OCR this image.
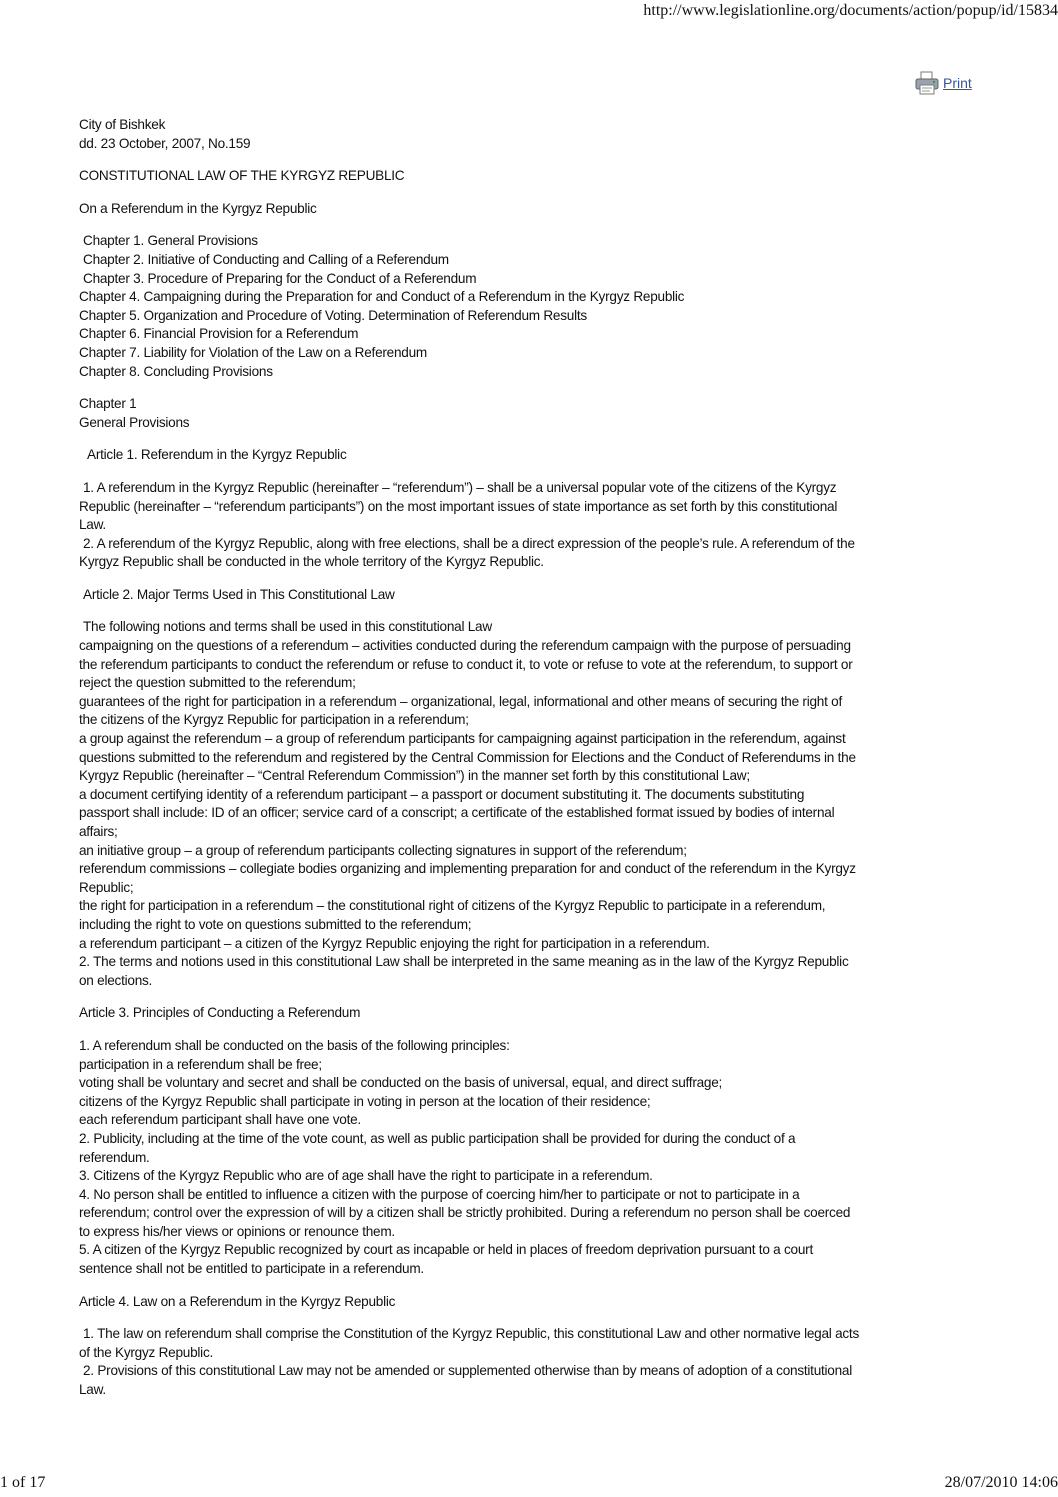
http://www.legislationline.org/documents/action/popup/id/15834
Print
City of Bishkek
dd. 23 October, 2007, No.159
CONSTITUTIONAL LAW OF THE KYRGYZ REPUBLIC
On a Referendum in the Kyrgyz Republic
Chapter 1. General Provisions
Chapter 2. Initiative of Conducting and Calling of a Referendum
Chapter 3. Procedure of Preparing for the Conduct of a Referendum
Chapter 4. Campaigning during the Preparation for and Conduct of a Referendum in the Kyrgyz Republic
Chapter 5. Organization and Procedure of Voting. Determination of Referendum Results
Chapter 6. Financial Provision for a Referendum
Chapter 7. Liability for Violation of the Law on a Referendum
Chapter 8. Concluding Provisions
Chapter 1
General Provisions
Article 1. Referendum in the Kyrgyz Republic
1. A referendum in the Kyrgyz Republic (hereinafter – “referendum”) – shall be a universal popular vote of the citizens of the Kyrgyz
Republic (hereinafter – “referendum participants”) on the most important issues of state importance as set forth by this constitutional
Law.
2. A referendum of the Kyrgyz Republic, along with free elections, shall be a direct expression of the people’s rule. A referendum of the
Kyrgyz Republic shall be conducted in the whole territory of the Kyrgyz Republic.
Article 2. Major Terms Used in This Constitutional Law
The following notions and terms shall be used in this constitutional Law
campaigning on the questions of a referendum – activities conducted during the referendum campaign with the purpose of persuading
the referendum participants to conduct the referendum or refuse to conduct it, to vote or refuse to vote at the referendum, to support or
reject the question submitted to the referendum;
guarantees of the right for participation in a referendum – organizational, legal, informational and other means of securing the right of
the citizens of the Kyrgyz Republic for participation in a referendum;
a group against the referendum – a group of referendum participants for campaigning against participation in the referendum, against
questions submitted to the referendum and registered by the Central Commission for Elections and the Conduct of Referendums in the
Kyrgyz Republic (hereinafter – “Central Referendum Commission”) in the manner set forth by this constitutional Law;
a document certifying identity of a referendum participant – a passport or document substituting it. The documents substituting
passport shall include: ID of an officer; service card of a conscript; a certificate of the established format issued by bodies of internal
affairs;
an initiative group – a group of referendum participants collecting signatures in support of the referendum;
referendum commissions – collegiate bodies organizing and implementing preparation for and conduct of the referendum in the Kyrgyz
Republic;
the right for participation in a referendum – the constitutional right of citizens of the Kyrgyz Republic to participate in a referendum,
including the right to vote on questions submitted to the referendum;
a referendum participant – a citizen of the Kyrgyz Republic enjoying the right for participation in a referendum.
2. The terms and notions used in this constitutional Law shall be interpreted in the same meaning as in the law of the Kyrgyz Republic
on elections.
Article 3. Principles of Conducting a Referendum
1. A referendum shall be conducted on the basis of the following principles:
participation in a referendum shall be free;
voting shall be voluntary and secret and shall be conducted on the basis of universal, equal, and direct suffrage;
citizens of the Kyrgyz Republic shall participate in voting in person at the location of their residence;
each referendum participant shall have one vote.
2. Publicity, including at the time of the vote count, as well as public participation shall be provided for during the conduct of a
referendum.
3. Citizens of the Kyrgyz Republic who are of age shall have the right to participate in a referendum.
4. No person shall be entitled to influence a citizen with the purpose of coercing him/her to participate or not to participate in a
referendum; control over the expression of will by a citizen shall be strictly prohibited. During a referendum no person shall be coerced
to express his/her views or opinions or renounce them.
5. A citizen of the Kyrgyz Republic recognized by court as incapable or held in places of freedom deprivation pursuant to a court
sentence shall not be entitled to participate in a referendum.
Article 4. Law on a Referendum in the Kyrgyz Republic
1. The law on referendum shall comprise the Constitution of the Kyrgyz Republic, this constitutional Law and other normative legal acts
of the Kyrgyz Republic.
2. Provisions of this constitutional Law may not be amended or supplemented otherwise than by means of adoption of a constitutional
Law.
1 of 17	28/07/2010 14:06
